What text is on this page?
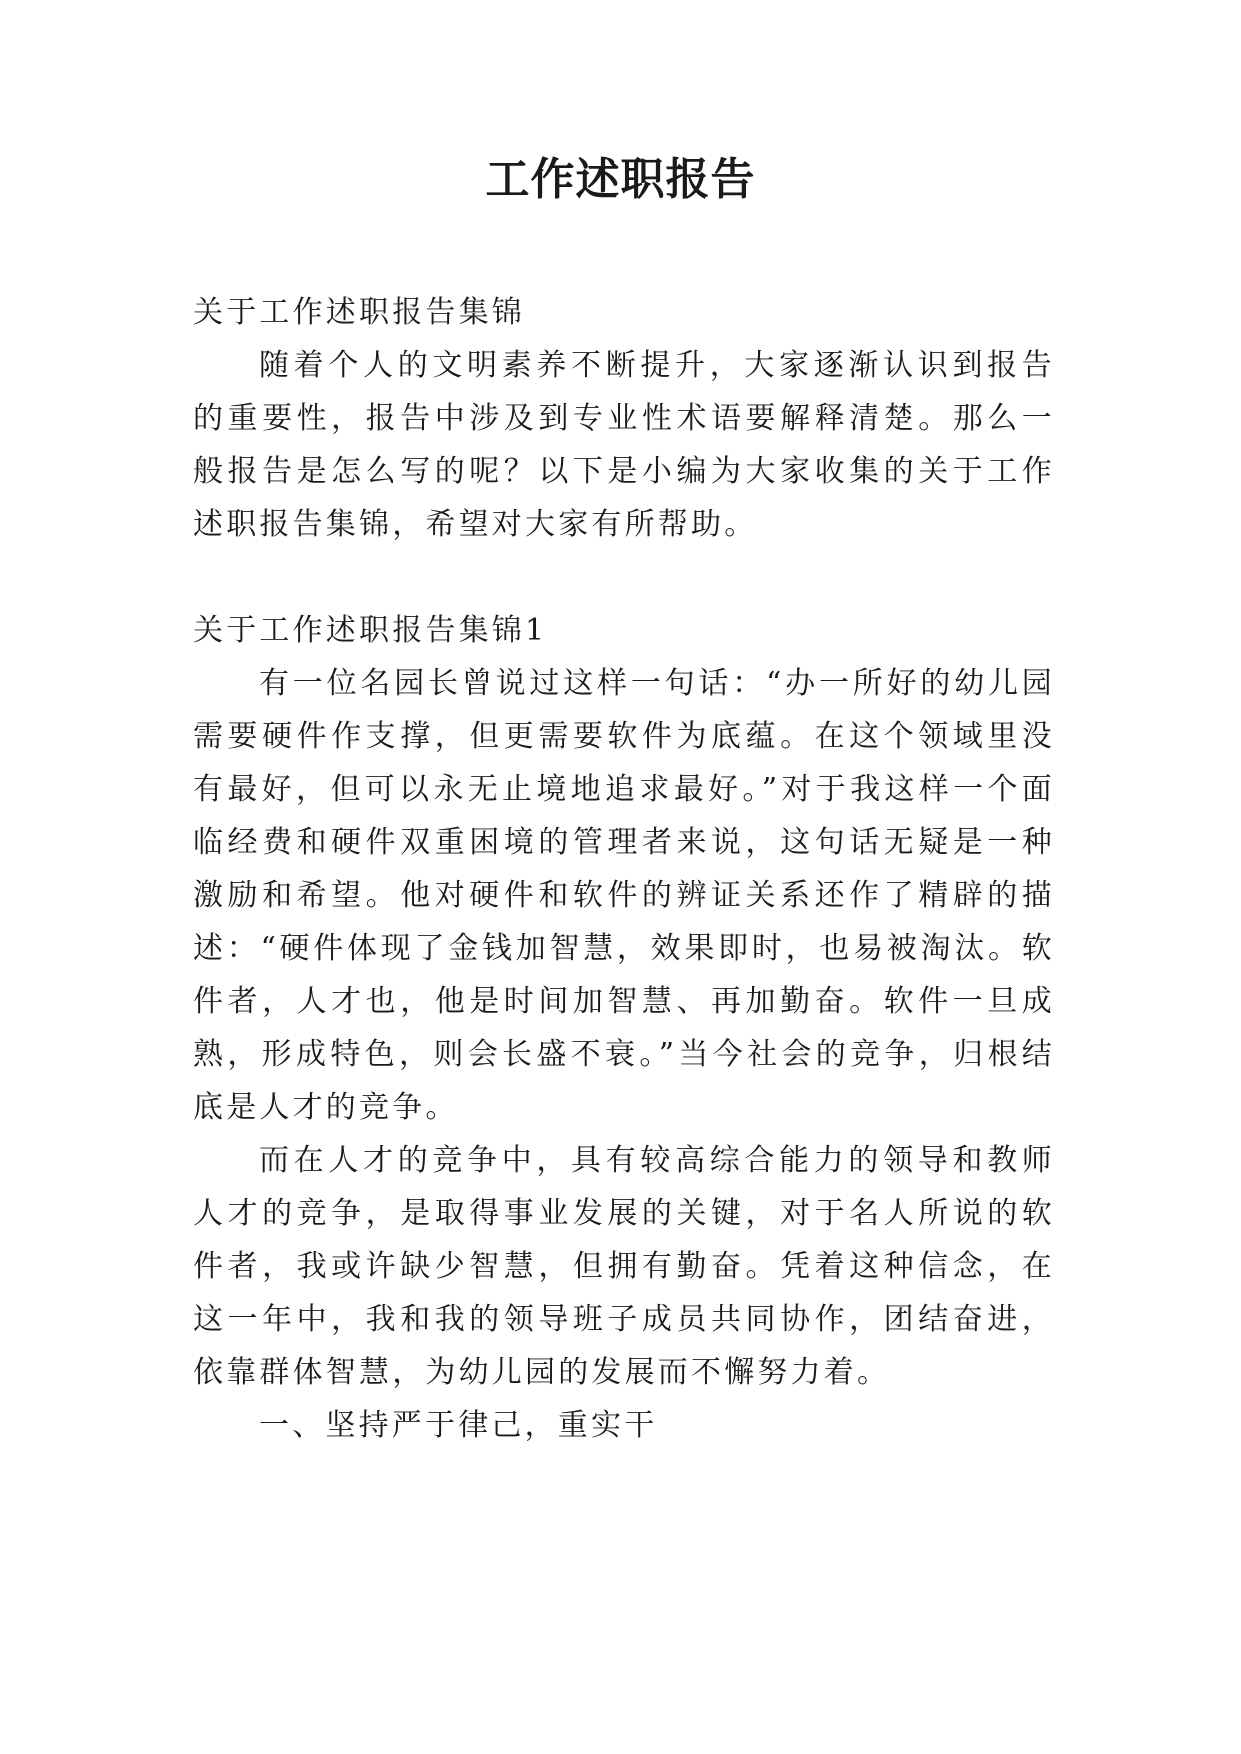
工作述职报告

关于工作述职报告集锦

随着个人的文明素养不断提升，大家逐渐认识到报告的重要性，报告中涉及到专业性术语要解释清楚。那么一般报告是怎么写的呢？以下是小编为大家收集的关于工作述职报告集锦，希望对大家有所帮助。

关于工作述职报告集锦1

有一位名园长曾说过这样一句话：“办一所好的幼儿园需要硬件作支撑，但更需要软件为底蕴。在这个领域里没有最好，但可以永无止境地追求最好。”对于我这样一个面临经费和硬件双重困境的管理者来说，这句话无疑是一种激励和希望。他对硬件和软件的辨证关系还作了精辟的描述：“硬件体现了金钱加智慧，效果即时，也易被淘汰。软件者，人才也，他是时间加智慧、再加勤奋。软件一旦成熟，形成特色，则会长盛不衰。”当今社会的竞争，归根结底是人才的竞争。

而在人才的竞争中，具有较高综合能力的领导和教师人才的竞争，是取得事业发展的关键，对于名人所说的软件者，我或许缺少智慧，但拥有勤奋。凭着这种信念，在这一年中，我和我的领导班子成员共同协作，团结奋进，依靠群体智慧，为幼儿园的发展而不懈努力着。

一、坚持严于律己，重实干
